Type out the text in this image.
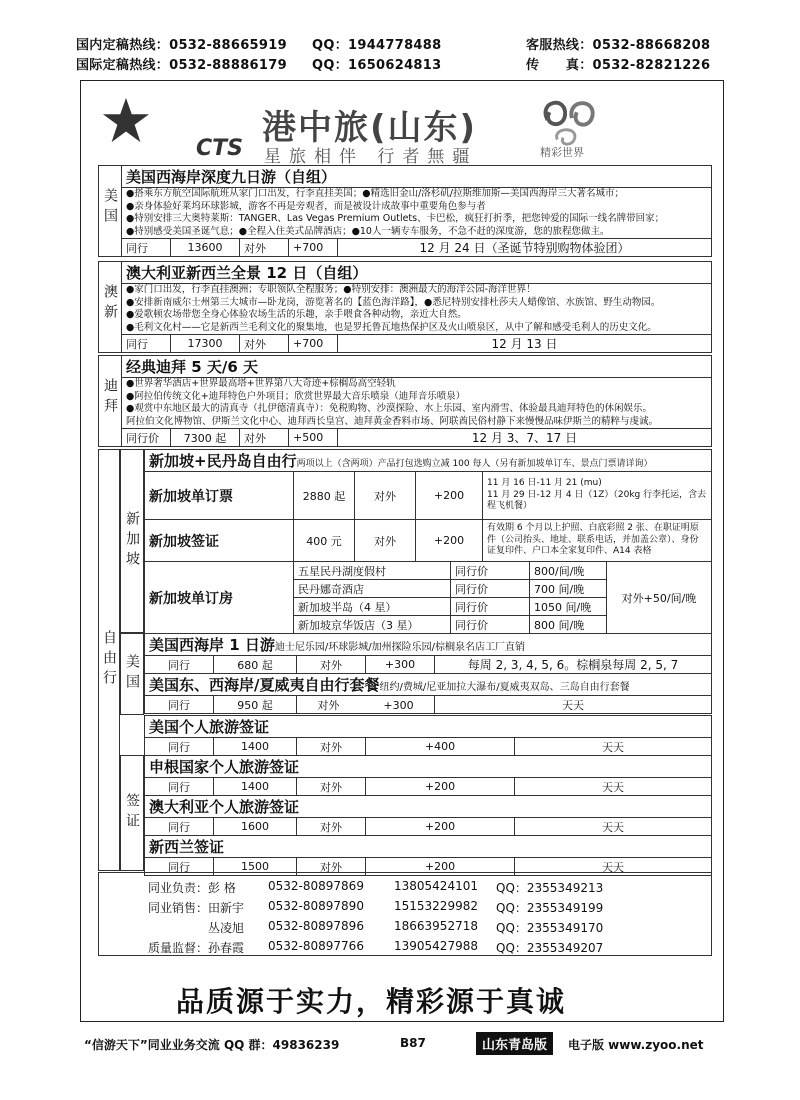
国内定稿热线：0532-88665919 QQ：1944778488	客服热线：0532-88668208
国际定稿热线：0532-88886179 QQ：1650624813	传　　真：0532-82821226
CTS
港中旅(山东)
星旅相伴 行者無疆	精彩世界
美国	美国西海岸深度九日游（自组）				

	●搭乘东方航空国际航班从家门口出发，行李直挂美国；●精选旧金山/洛杉矶/拉斯维加斯—美国西海岸三大著名城市；
●亲身体验好莱坞环球影城，游客不再是旁观者，而是被设计成故事中重要角色参与者
●特别安排三大奥特莱斯：TANGER、Las Vegas Premium Outlets、卡巴松，疯狂打折季，把您钟爱的国际一线名牌带回家；
●特别感受美国圣诞气息；●全程入住美式品牌酒店；●10人一辆专车服务，不急不赶的深度游，您的旅程您做主。				

	同行	13600	对外	+700	12 月 24 日（圣诞节特别购物体验团）
澳新	澳大利亚新西兰全景 12 日（自组）				

	●家门口出发，行李直挂澳洲；专职领队全程服务；●特别安排：澳洲最大的海洋公园-海洋世界！
●安排新南威尔士州第三大城市—卧龙岗，游览著名的【蓝色海洋路】，●悉尼特别安排杜莎夫人蜡像馆、水族馆、野生动物园。
●爱歌顿农场带您全身心体验农场生活的乐趣，亲手喂食各种动物，亲近大自然。
●毛利文化村——它是新西兰毛利文化的聚集地，也是罗托鲁瓦地热保护区及火山喷泉区，从中了解和感受毛利人的历史文化。				

	同行	17300	对外	+700	12 月 13 日
迪拜	经典迪拜 5 天/6 天				

	●世界奢华酒店+世界最高塔+世界第八大奇迹+棕榈岛高空轻轨
●阿拉伯传统文化+迪拜特色户外项目；欣赏世界最大音乐喷泉（迪拜音乐喷泉）
●观赏中东地区最大的清真寺（扎伊德清真寺）：免税购物、沙漠探险、水上乐园、室内滑雪、体验最具迪拜特色的休闲娱乐。
阿拉伯文化博物馆、伊斯兰文化中心、迪拜西长皇宫、迪拜黄金香料市场、阿联酋民俗村静下来慢慢品味伊斯兰的精粹与虔诚。				

	同行价	7300 起	对外	+500	12 月 3、7、17 日
自由行
新加坡
新加坡+民丹岛自由行两项以上（含两项）产品打包选购立减 100 每人（另有新加坡单订车、景点门票请详询）				
新加坡单订票	2880 起	对外	+200	11 月 16 日-11 月 21 (mu)
11 月 29 日-12 月 4 日（1Z）（20kg 行李托运，含去程飞机餐）
新加坡签证	400 元	对外	+200	有效期 6 个月以上护照、白底彩照 2 张、在职证明原件（公司抬头、地址、联系电话，并加盖公章）、身份证复印件、户口本全家复印件、A14 表格
新加坡单订房	五星民丹湖度假村	同行价	800/间/晚	对外+50/间/晚
	民丹娜奇酒店	同行价	700 间/晚	
	新加坡半岛（4 星）	同行价	1050 间/晚	
	新加坡京华饭店（3 星）	同行价	800 间/晚	
美国
美国西海岸 1 日游迪士尼乐园/环球影城/加州探险乐园/棕榈泉名店工厂直销				
同行	680 起	对外	+300	每周 2, 3, 4, 5, 6。棕榈泉每周 2, 5, 7
美国东、西海岸/夏威夷自由行套餐纽约/费城/尼亚加拉大瀑布/夏威夷双岛、三岛自由行套餐				
同行	950 起	对外　　　　 +300		天天
美国个人旅游签证
同行	1400	对外	+400	天天
签证
申根国家个人旅游签证				
同行	1400	对外	+200	天天
澳大利亚个人旅游签证				
同行	1600	对外	+200	天天
新西兰签证				
同行	1500	对外	+200	天天
同业负责：彭 格	0532-80897869	13805424101 QQ：2355349213
同业销售：田新宇 0532-80897890	15153229982 QQ：2355349199
　　　　　丛凌旭 0532-80897896	18663952718 QQ：2355349170
质量监督：孙春霞 0532-80897766	13905427988 QQ：2355349207
品质源于实力，精彩源于真诚
“信游天下”同业业务交流 QQ 群：49836239	B87	山东青岛版	电子版 www.zyoo.net
